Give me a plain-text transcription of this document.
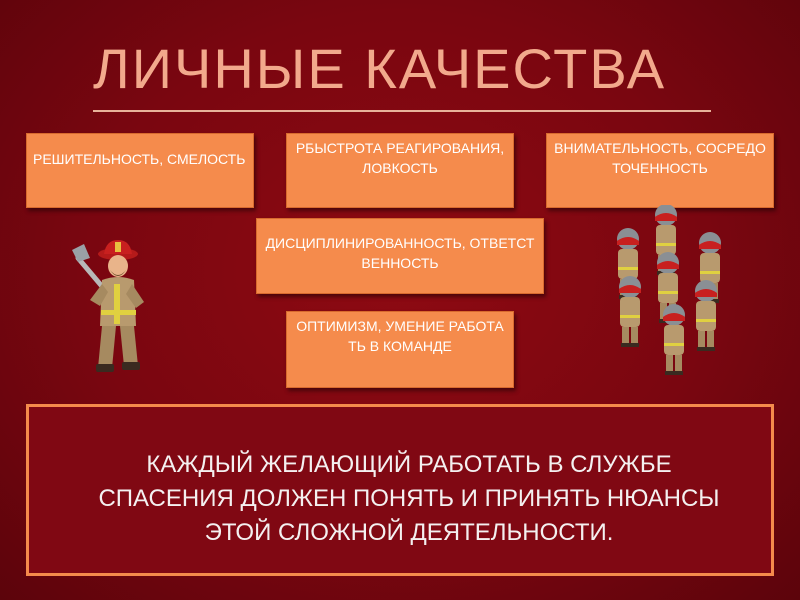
ЛИЧНЫЕ КАЧЕСТВА
РЕШИТЕЛЬНОСТЬ, СМЕЛОСТЬ
РБЫСТРОТА РЕАГИРОВАНИЯ, ЛОВКОСТЬ
ВНИМАТЕЛЬНОСТЬ, СОСРЕДОТОЧЕННОСТЬ
ДИСЦИПЛИНИРОВАННОСТЬ, ОТВЕТСТВЕННОСТЬ
ОПТИМИЗМ, УМЕНИЕ РАБОТАТЬ В КОМАНДЕ
КАЖДЫЙ ЖЕЛАЮЩИЙ РАБОТАТЬ В СЛУЖБЕ СПАСЕНИЯ ДОЛЖЕН ПОНЯТЬ И ПРИНЯТЬ НЮАНСЫ ЭТОЙ СЛОЖНОЙ ДЕЯТЕЛЬНОСТИ.
